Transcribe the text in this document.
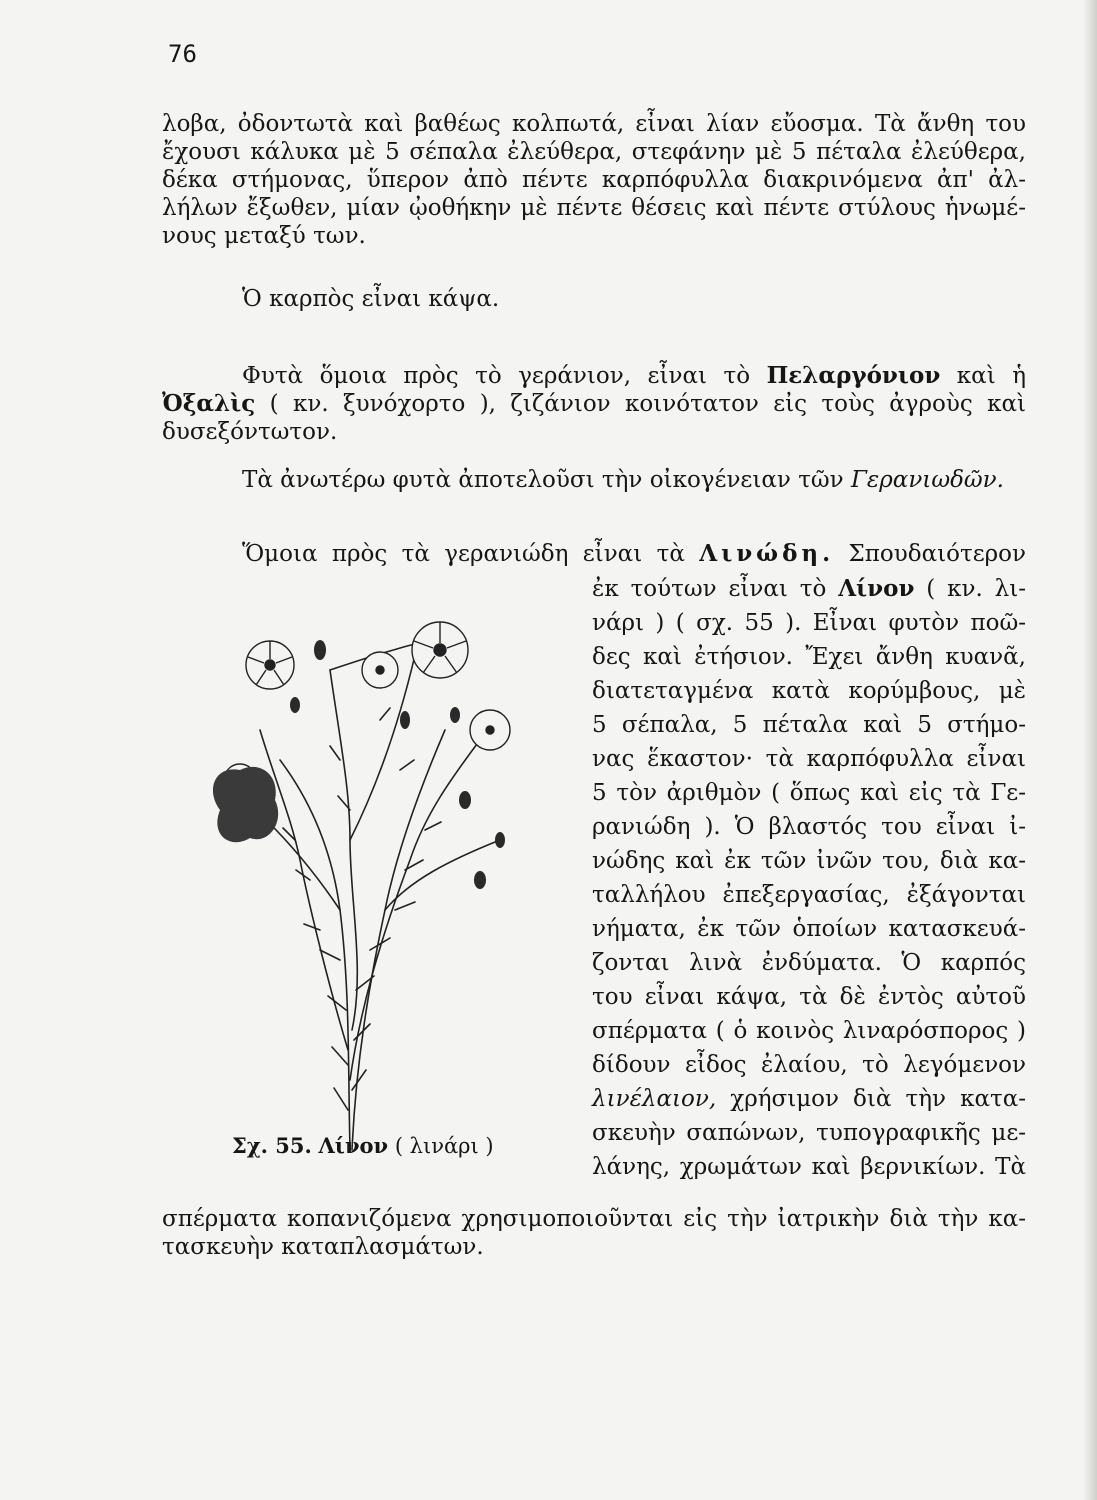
76
λοβα, ὀδοντωτὰ καὶ βαθέως κολπωτά, εἶναι λίαν εὔοσμα. Τὰ ἄνθη του
ἔχουσι κάλυκα μὲ 5 σέπαλα ἐλεύθερα, στεφάνην μὲ 5 πέταλα ἐλεύθερα,
δέκα στήμονας, ὕπερον ἀπὸ πέντε καρπόφυλλα διακρινόμενα ἀπ' ἀλ-
λήλων ἔξωθεν, μίαν ᾠοθήκην μὲ πέντε θέσεις καὶ πέντε στύλους ἡνωμέ-
νους μεταξύ των.
Ὁ καρπὸς εἶναι κάψα.
Φυτὰ ὅμοια πρὸς τὸ γεράνιον, εἶναι τὸ Πελαργόνιον καὶ ἡ
Ὀξαλὶς ( κν. ξυνόχορτο ), ζιζάνιον κοινότατον εἰς τοὺς ἀγροὺς καὶ
δυσεξόντωτον.
Τὰ ἀνωτέρω φυτὰ ἀποτελοῦσι τὴν οἰκογένειαν τῶν Γερανιωδῶν.
Ὅμοια πρὸς τὰ γερανιώδη εἶναι τὰ Λινώδη. Σπουδαιότερον
ἐκ τούτων εἶναι τὸ Λίνον ( κν. λι-
νάρι ) ( σχ. 55 ). Εἶναι φυτὸν ποῶ-
δες καὶ ἐτήσιον. Ἔχει ἄνθη κυανᾶ,
διατεταγμένα κατὰ κορύμβους, μὲ
5 σέπαλα, 5 πέταλα καὶ 5 στήμο-
νας ἕκαστον· τὰ καρπόφυλλα εἶναι
5 τὸν ἀριθμὸν ( ὅπως καὶ εἰς τὰ Γε-
ρανιώδη ). Ὁ βλαστός του εἶναι ἰ-
νώδης καὶ ἐκ τῶν ἰνῶν του, διὰ κα-
ταλλήλου ἐπεξεργασίας, ἐξάγονται
νήματα, ἐκ τῶν ὁποίων κατασκευά-
ζονται λινὰ ἐνδύματα. Ὁ καρπός
του εἶναι κάψα, τὰ δὲ ἐντὸς αὐτοῦ
σπέρματα ( ὁ κοινὸς λιναρόσπορος )
δίδουν εἶδος ἐλαίου, τὸ λεγόμενον
λινέλαιον, χρήσιμον διὰ τὴν κατα-
σκευὴν σαπώνων, τυπογραφικῆς με-
λάνης, χρωμάτων καὶ βερνικίων. Τὰ
Σχ. 55. Λίνον ( λινάρι )
σπέρματα κοπανιζόμενα χρησιμοποιοῦνται εἰς τὴν ἰατρικὴν διὰ τὴν κα-
τασκευὴν καταπλασμάτων.
